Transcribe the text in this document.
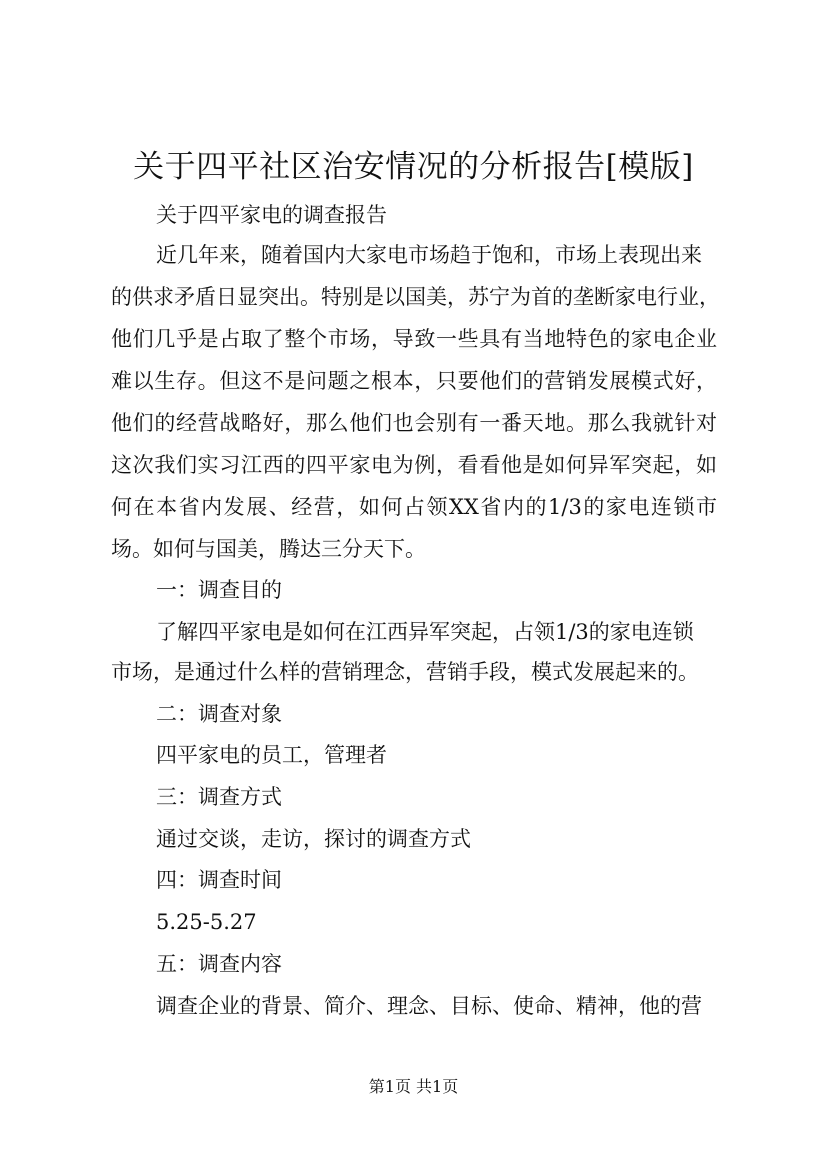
关于四平社区治安情况的分析报告[模版]
关于四平家电的调查报告
近几年来，随着国内大家电市场趋于饱和，市场上表现出来
的供求矛盾日显突出。特别是以国美，苏宁为首的垄断家电行业，
他们几乎是占取了整个市场，导致一些具有当地特色的家电企业
难以生存。但这不是问题之根本，只要他们的营销发展模式好，
他们的经营战略好，那么他们也会别有一番天地。那么我就针对
这次我们实习江西的四平家电为例，看看他是如何异军突起，如
何在本省内发展、经营，如何占领XX省内的1/3的家电连锁市
场。如何与国美，腾达三分天下。
一：调查目的
了解四平家电是如何在江西异军突起，占领1/3的家电连锁
市场，是通过什么样的营销理念，营销手段，模式发展起来的。
二：调查对象
四平家电的员工，管理者
三：调查方式
通过交谈，走访，探讨的调查方式
四：调查时间
5.25-5.27
五：调查内容
调查企业的背景、简介、理念、目标、使命、精神，他的营
第1页 共1页
